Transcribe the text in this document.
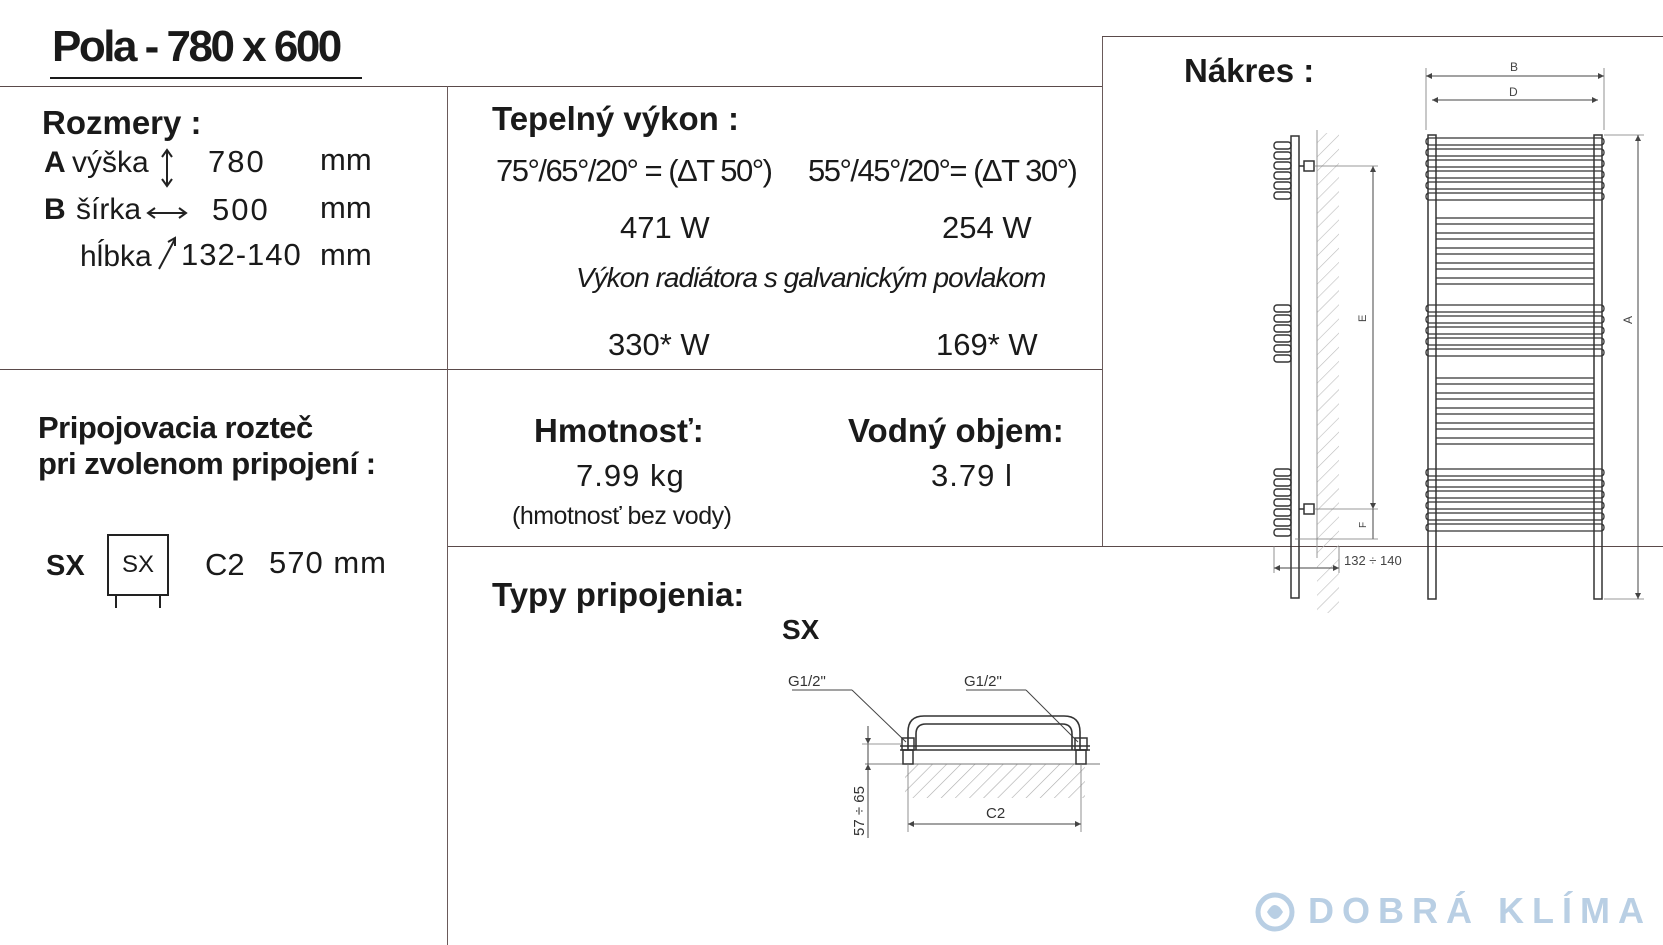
Pola - 780 x 600
Rozmery :
A výška 780 mm
B šírka 500 mm
hĺbka 132-140 mm
Pripojovacia rozteč
pri zvolenom pripojení :
SX SX C2 570 mm
Tepelný výkon :
75°/65°/20° = (ΔT 50°) 55°/45°/20°= (ΔT 30°)
471 W	254 W
Výkon radiátora s galvanickým povlakom
330* W	169* W
Hmotnosť:
7.99 kg
(hmotnosť bez vody)
Vodný objem:
3.79 l
Nákres :
E
F
132 ÷ 140
B
D
A
Typy pripojenia:
SX
G1/2"	G1/2"
57 ÷ 65	C2
DOBRÁ KLÍMA
